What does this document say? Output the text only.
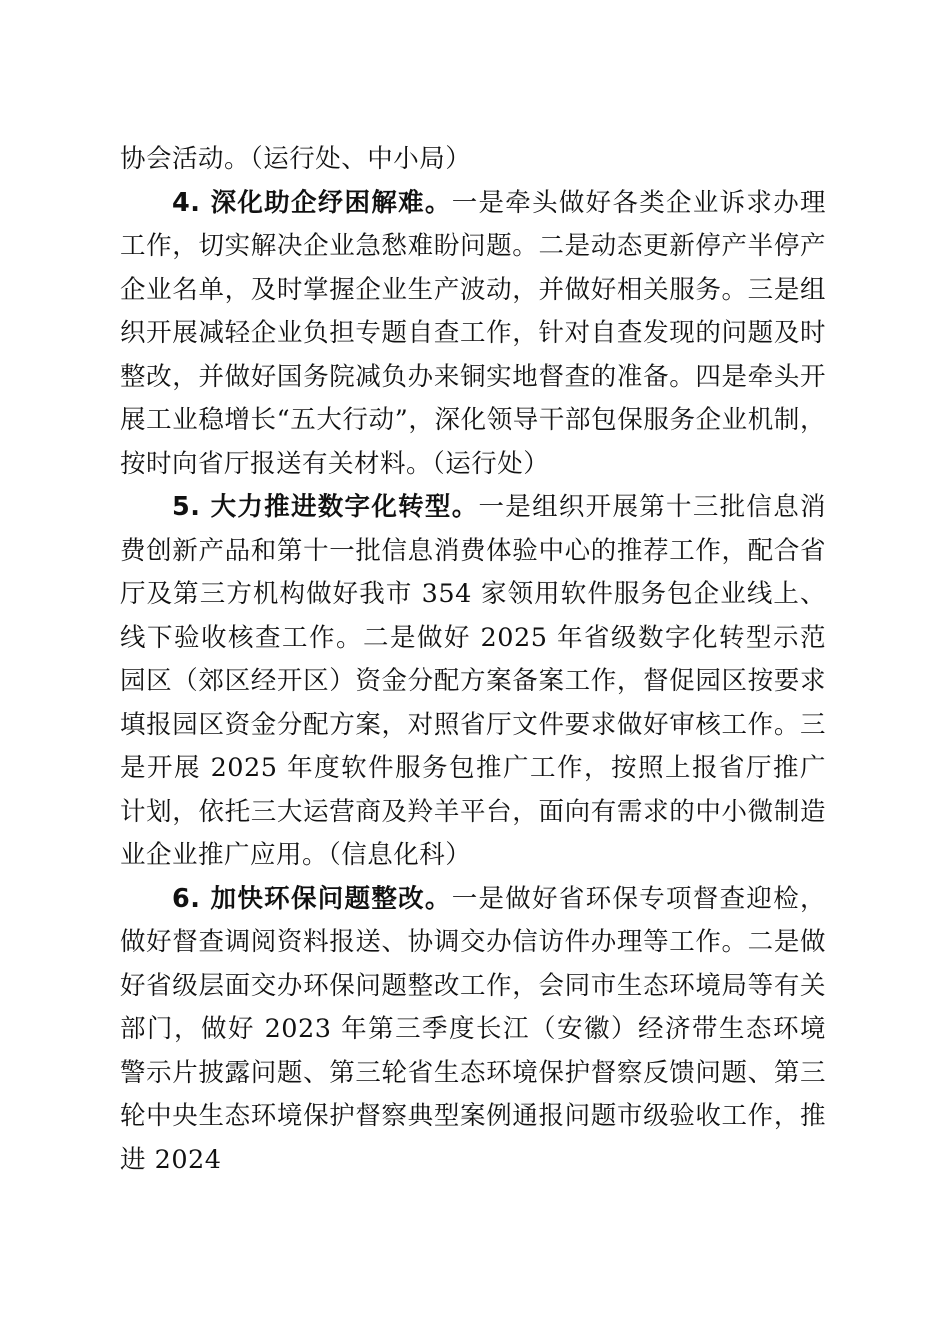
协会活动。（运行处、中小局）

4. 深化助企纾困解难。一是牵头做好各类企业诉求办理工作，切实解决企业急愁难盼问题。二是动态更新停产半停产企业名单，及时掌握企业生产波动，并做好相关服务。三是组织开展减轻企业负担专题自查工作，针对自查发现的问题及时整改，并做好国务院减负办来铜实地督查的准备。四是牵头开展工业稳增长“五大行动”，深化领导干部包保服务企业机制，按时向省厅报送有关材料。（运行处）

5. 大力推进数字化转型。一是组织开展第十三批信息消费创新产品和第十一批信息消费体验中心的推荐工作，配合省厅及第三方机构做好我市 354 家领用软件服务包企业线上、线下验收核查工作。二是做好 2025 年省级数字化转型示范园区（郊区经开区）资金分配方案备案工作，督促园区按要求填报园区资金分配方案，对照省厅文件要求做好审核工作。三是开展 2025 年度软件服务包推广工作，按照上报省厅推广计划，依托三大运营商及羚羊平台，面向有需求的中小微制造业企业推广应用。（信息化科）

6. 加快环保问题整改。一是做好省环保专项督查迎检，做好督查调阅资料报送、协调交办信访件办理等工作。二是做好省级层面交办环保问题整改工作，会同市生态环境局等有关部门，做好 2023 年第三季度长江（安徽）经济带生态环境警示片披露问题、第三轮省生态环境保护督察反馈问题、第三轮中央生态环境保护督察典型案例通报问题市级验收工作，推进 2024
